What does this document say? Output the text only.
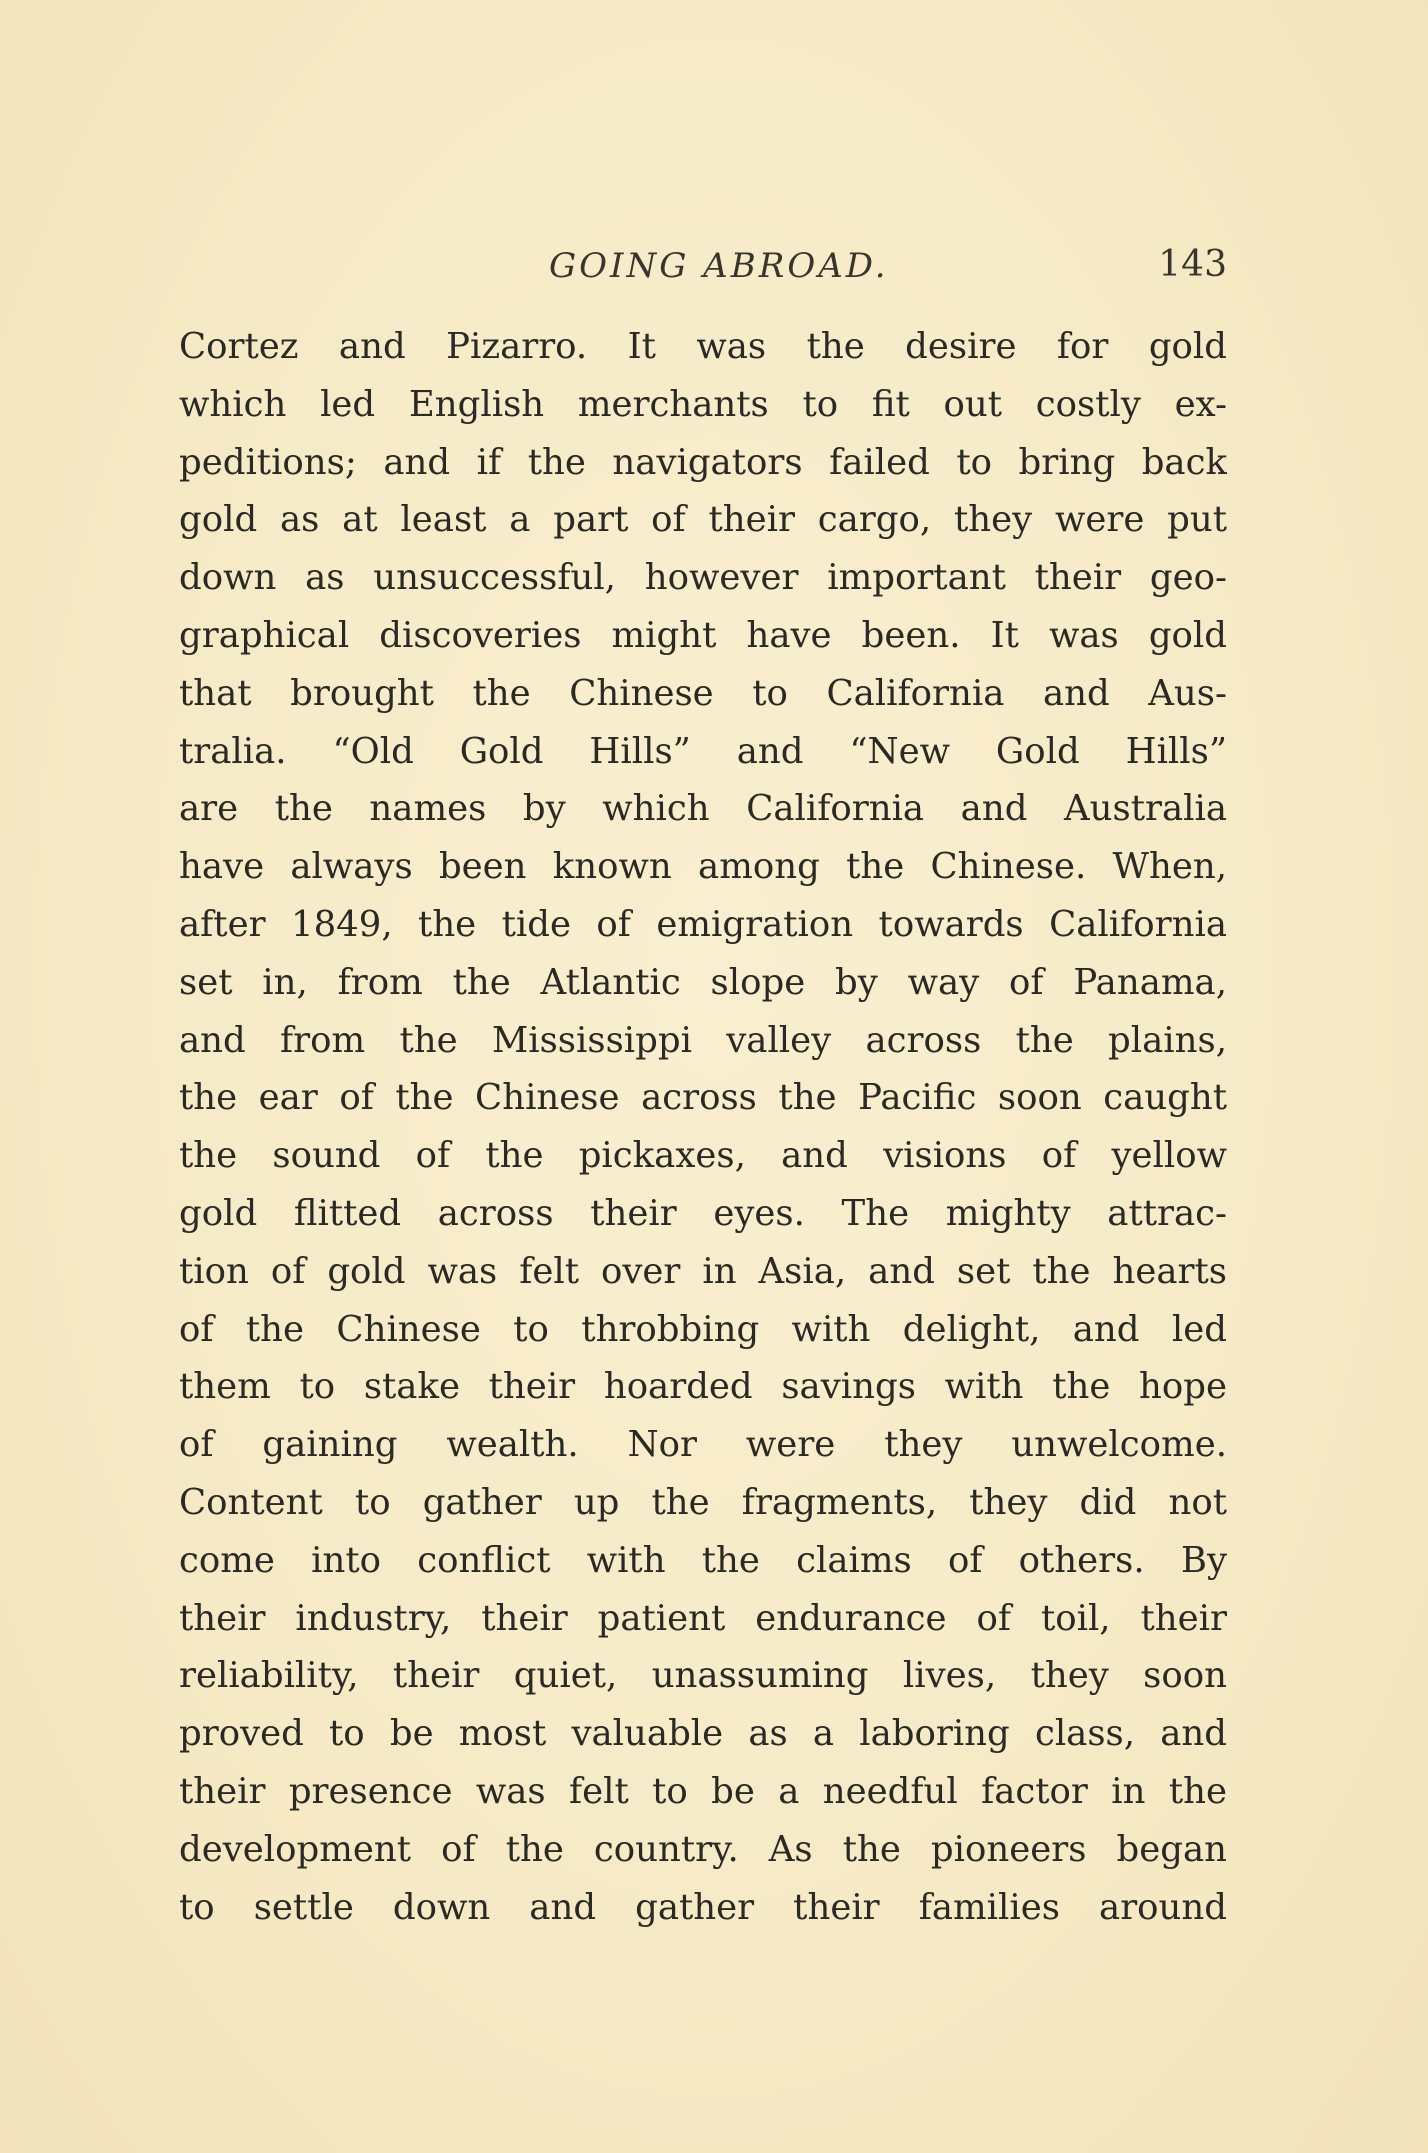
GOING ABROAD.	143
Cortez and Pizarro. It was the desire for gold
which led English merchants to fit out costly ex-
peditions; and if the navigators failed to bring back
gold as at least a part of their cargo, they were put
down as unsuccessful, however important their geo-
graphical discoveries might have been. It was gold
that brought the Chinese to California and Aus-
tralia. “Old Gold Hills” and “New Gold Hills”
are the names by which California and Australia
have always been known among the Chinese. When,
after 1849, the tide of emigration towards California
set in, from the Atlantic slope by way of Panama,
and from the Mississippi valley across the plains,
the ear of the Chinese across the Pacific soon caught
the sound of the pickaxes, and visions of yellow
gold flitted across their eyes. The mighty attrac-
tion of gold was felt over in Asia, and set the hearts
of the Chinese to throbbing with delight, and led
them to stake their hoarded savings with the hope
of gaining wealth. Nor were they unwelcome.
Content to gather up the fragments, they did not
come into conflict with the claims of others. By
their industry, their patient endurance of toil, their
reliability, their quiet, unassuming lives, they soon
proved to be most valuable as a laboring class, and
their presence was felt to be a needful factor in the
development of the country. As the pioneers began
to settle down and gather their families around
